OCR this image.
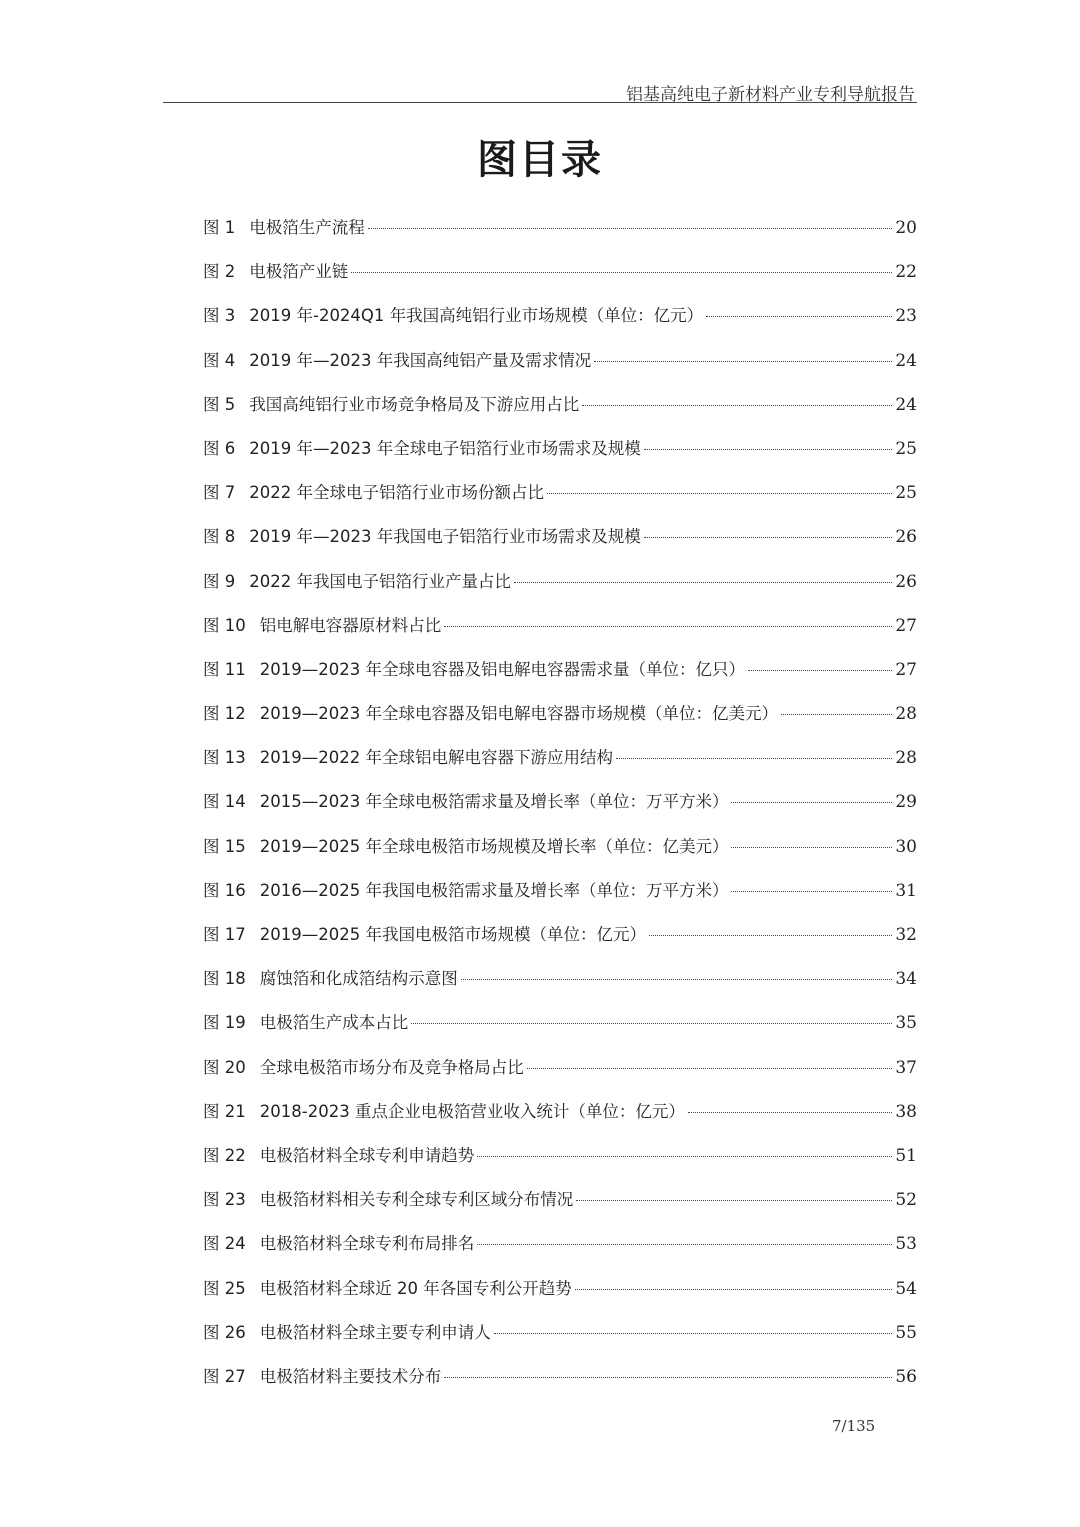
铝基高纯电子新材料产业专利导航报告
图目录
图 1 电极箔生产流程	20
图 2 电极箔产业链	22
图 3 2019 年-2024Q1 年我国高纯铝行业市场规模（单位：亿元）	23
图 4 2019 年—2023 年我国高纯铝产量及需求情况	24
图 5 我国高纯铝行业市场竞争格局及下游应用占比	24
图 6 2019 年—2023 年全球电子铝箔行业市场需求及规模	25
图 7 2022 年全球电子铝箔行业市场份额占比	25
图 8 2019 年—2023 年我国电子铝箔行业市场需求及规模	26
图 9 2022 年我国电子铝箔行业产量占比	26
图 10 铝电解电容器原材料占比	27
图 11 2019—2023 年全球电容器及铝电解电容器需求量（单位：亿只）	27
图 12 2019—2023 年全球电容器及铝电解电容器市场规模（单位：亿美元）	28
图 13 2019—2022 年全球铝电解电容器下游应用结构	28
图 14 2015—2023 年全球电极箔需求量及增长率（单位：万平方米）	29
图 15 2019—2025 年全球电极箔市场规模及增长率（单位：亿美元）	30
图 16 2016—2025 年我国电极箔需求量及增长率（单位：万平方米）	31
图 17 2019—2025 年我国电极箔市场规模（单位：亿元）	32
图 18 腐蚀箔和化成箔结构示意图	34
图 19 电极箔生产成本占比	35
图 20 全球电极箔市场分布及竞争格局占比	37
图 21 2018-2023 重点企业电极箔营业收入统计（单位：亿元）	38
图 22 电极箔材料全球专利申请趋势	51
图 23 电极箔材料相关专利全球专利区域分布情况	52
图 24 电极箔材料全球专利布局排名	53
图 25 电极箔材料全球近 20 年各国专利公开趋势	54
图 26 电极箔材料全球主要专利申请人	55
图 27 电极箔材料主要技术分布	56
7/135
